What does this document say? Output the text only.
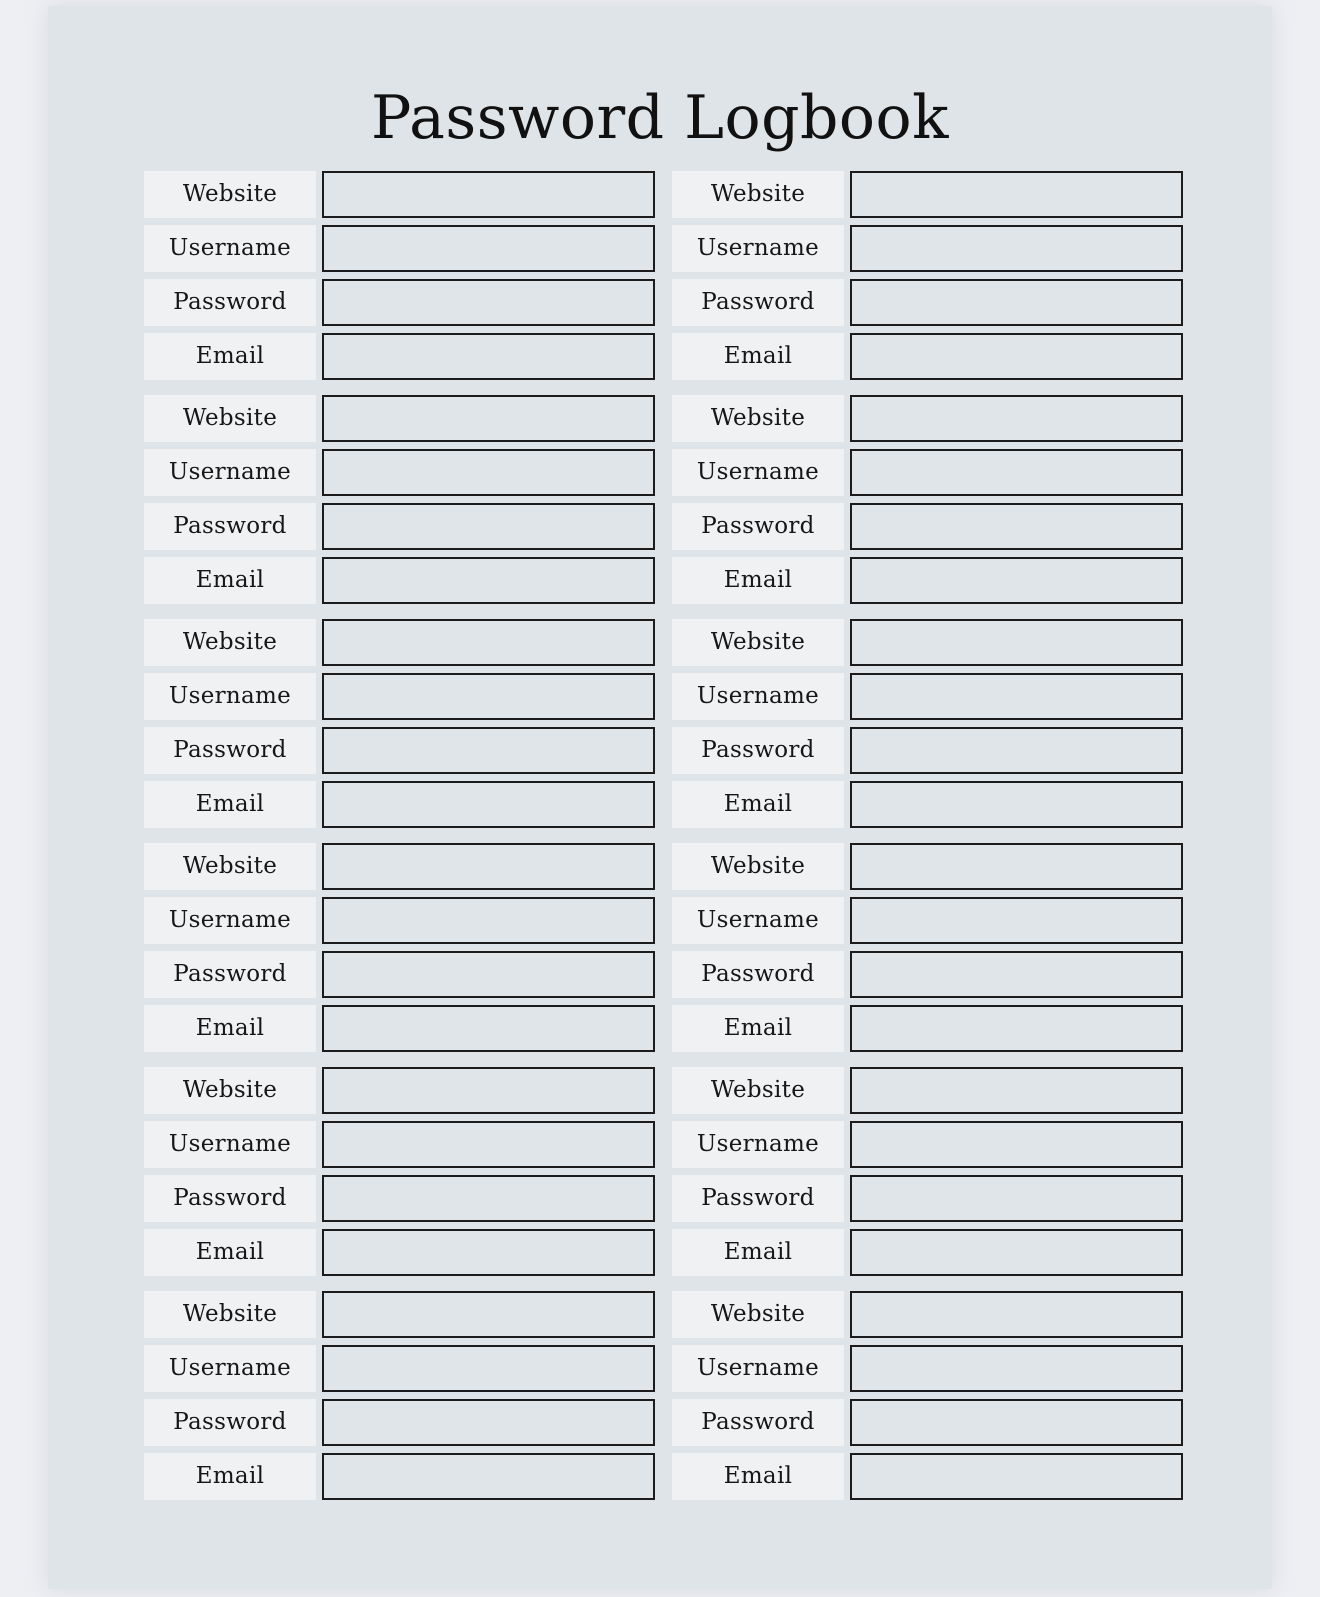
Password Logbook
Website
Username
Password
Email
Website
Username
Password
Email
Website
Username
Password
Email
Website
Username
Password
Email
Website
Username
Password
Email
Website
Username
Password
Email
Website
Username
Password
Email
Website
Username
Password
Email
Website
Username
Password
Email
Website
Username
Password
Email
Website
Username
Password
Email
Website
Username
Password
Email
